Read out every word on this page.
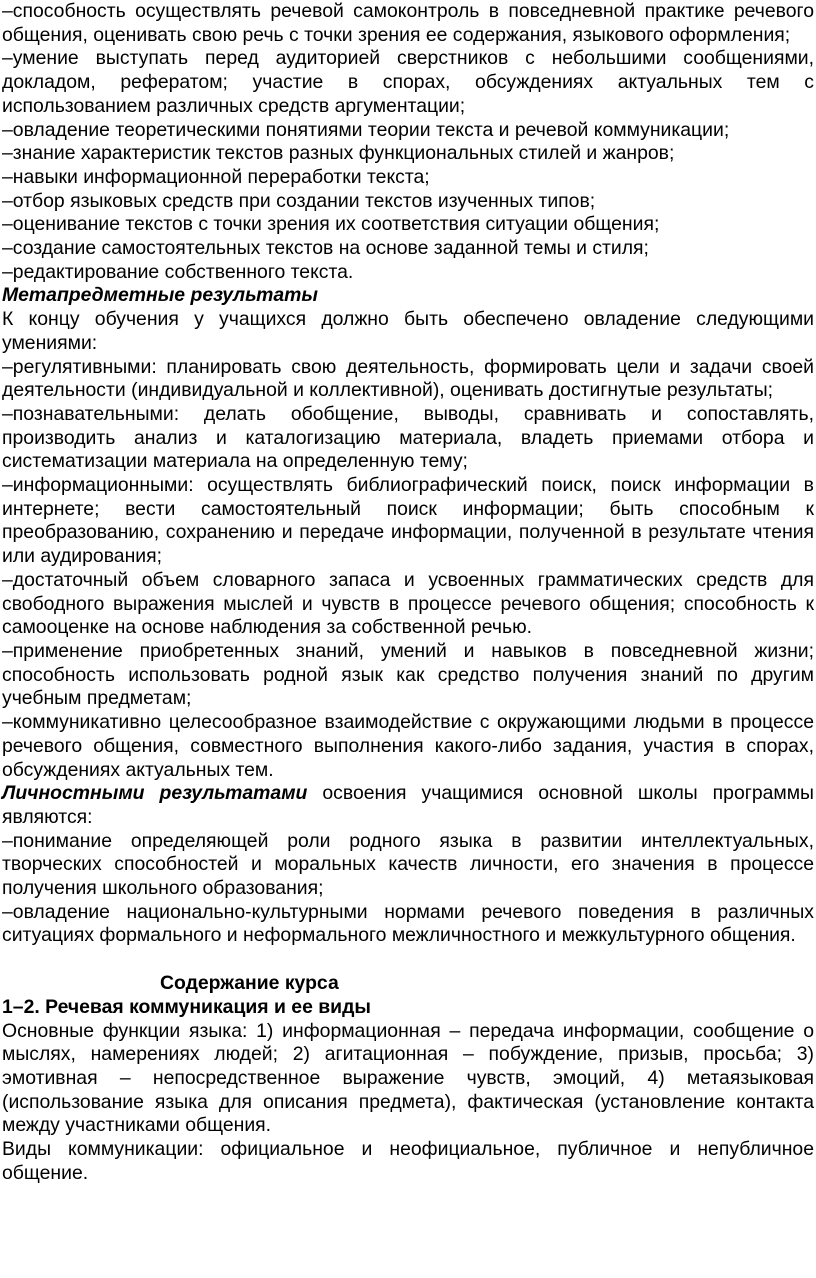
–способность осуществлять речевой самоконтроль в повседневной практике речевого общения, оценивать свою речь с точки зрения ее содержания, языкового оформления;

–умение выступать перед аудиторией сверстников с небольшими сообщениями, докладом, рефератом; участие в спорах, обсуждениях актуальных тем с использованием различных средств аргументации;

–овладение теоретическими понятиями теории текста и речевой коммуникации;

–знание характеристик текстов разных функциональных стилей и жанров;

–навыки информационной переработки текста;

–отбор языковых средств при создании текстов изученных типов;

–оценивание текстов с точки зрения их соответствия ситуации общения;

–создание самостоятельных текстов на основе заданной темы и стиля;

–редактирование собственного текста.

Метапредметные результаты

К концу обучения у учащихся должно быть обеспечено овладение следующими умениями:

–регулятивными: планировать свою деятельность, формировать цели и задачи своей деятельности (индивидуальной и коллективной), оценивать достигнутые результаты;

–познавательными: делать обобщение, выводы, сравнивать и сопоставлять, производить анализ и каталогизацию материала, владеть приемами отбора и систематизации материала на определенную тему;

–информационными: осуществлять библиографический поиск, поиск информации в интернете; вести самостоятельный поиск информации; быть способным к преобразованию, сохранению и передаче информации, полученной в результате чтения или аудирования;

–достаточный объем словарного запаса и усвоенных грамматических средств для свободного выражения мыслей и чувств в процессе речевого общения; способность к самооценке на основе наблюдения за собственной речью.

–применение приобретенных знаний, умений и навыков в повседневной жизни; способность использовать родной язык как средство получения знаний по другим учебным предметам;

–коммуникативно целесообразное взаимодействие с окружающими людьми в процессе речевого общения, совместного выполнения какого-либо задания, участия в спорах, обсуждениях актуальных тем.

Личностными результатами освоения учащимися основной школы программы являются:

–понимание определяющей роли родного языка в развитии интеллектуальных, творческих способностей и моральных качеств личности, его значения в процессе получения школьного образования;

–овладение национально-культурными нормами речевого поведения в различных ситуациях формального и неформального межличностного и межкультурного общения.

Содержание курса

1–2. Речевая коммуникация и ее виды

Основные функции языка: 1) информационная – передача информации, сообщение о мыслях, намерениях людей; 2) агитационная – побуждение, призыв, просьба; 3) эмотивная – непосредственное выражение чувств, эмоций, 4) метаязыковая (использование языка для описания предмета), фактическая (установление контакта между участниками общения.

Виды коммуникации: официальное и неофициальное, публичное и непубличное общение.
